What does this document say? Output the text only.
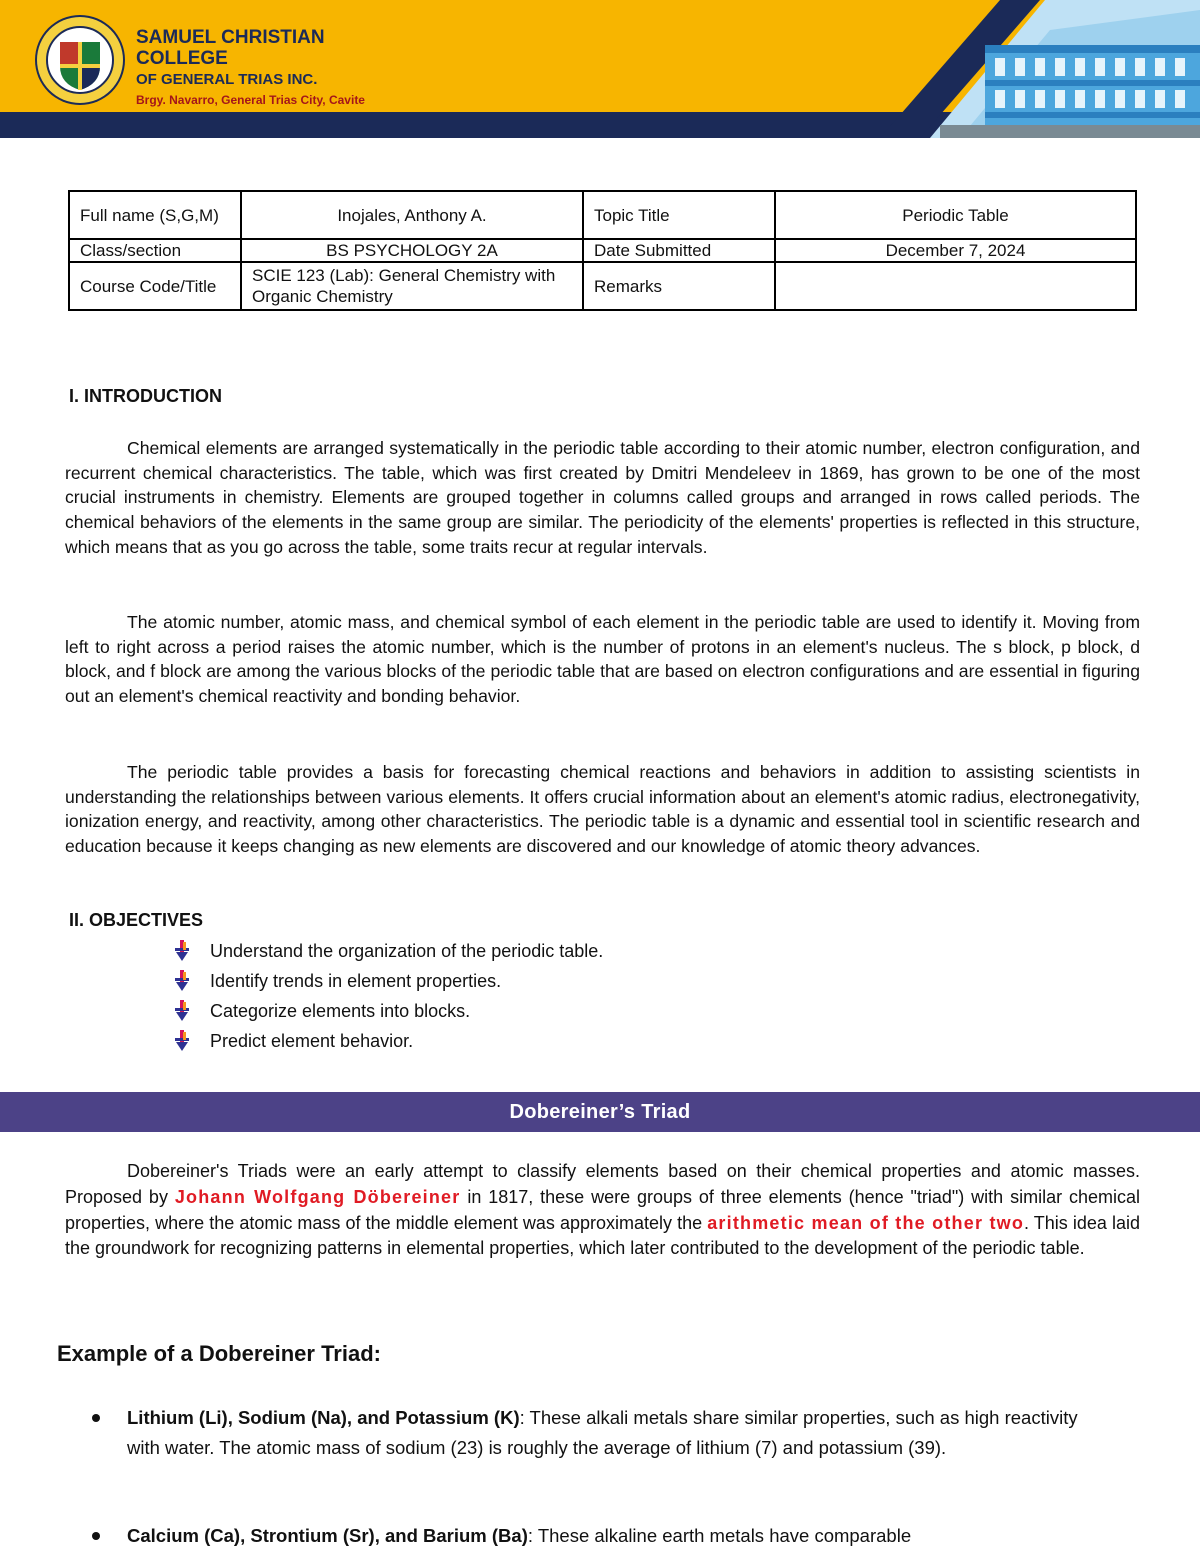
SAMUEL CHRISTIAN
COLLEGE
OF GENERAL TRIAS INC.
Brgy. Navarro, General Trias City, Cavite
Full name (S,G,M)	Inojales, Anthony A.	Topic Title	Periodic Table
Class/section	BS PSYCHOLOGY 2A	Date Submitted	December 7, 2024
Course Code/Title	SCIE 123 (Lab): General Chemistry with Organic Chemistry	Remarks	
I. INTRODUCTION

Chemical elements are arranged systematically in the periodic table according to their atomic number, electron configuration, and recurrent chemical characteristics. The table, which was first created by Dmitri Mendeleev in 1869, has grown to be one of the most crucial instruments in chemistry. Elements are grouped together in columns called groups and arranged in rows called periods. The chemical behaviors of the elements in the same group are similar. The periodicity of the elements' properties is reflected in this structure, which means that as you go across the table, some traits recur at regular intervals.

The atomic number, atomic mass, and chemical symbol of each element in the periodic table are used to identify it. Moving from left to right across a period raises the atomic number, which is the number of protons in an element's nucleus. The s block, p block, d block, and f block are among the various blocks of the periodic table that are based on electron configurations and are essential in figuring out an element's chemical reactivity and bonding behavior.

The periodic table provides a basis for forecasting chemical reactions and behaviors in addition to assisting scientists in understanding the relationships between various elements. It offers crucial information about an element's atomic radius, electronegativity, ionization energy, and reactivity, among other characteristics. The periodic table is a dynamic and essential tool in scientific research and education because it keeps changing as new elements are discovered and our knowledge of atomic theory advances.

II. OBJECTIVES
Understand the organization of the periodic table.
Identify trends in element properties.
Categorize elements into blocks.
Predict element behavior.
Dobereiner’s Triad

Dobereiner's Triads were an early attempt to classify elements based on their chemical properties and atomic masses. Proposed by Johann Wolfgang Döbereiner in 1817, these were groups of three elements (hence "triad") with similar chemical properties, where the atomic mass of the middle element was approximately the arithmetic mean of the other two. This idea laid the groundwork for recognizing patterns in elemental properties, which later contributed to the development of the periodic table.

Example of a Dobereiner Triad:
Lithium (Li), Sodium (Na), and Potassium (K): These alkali metals share similar properties, such as high reactivity with water. The atomic mass of sodium (23) is roughly the average of lithium (7) and potassium (39).
Calcium (Ca), Strontium (Sr), and Barium (Ba): These alkaline earth metals have comparable
